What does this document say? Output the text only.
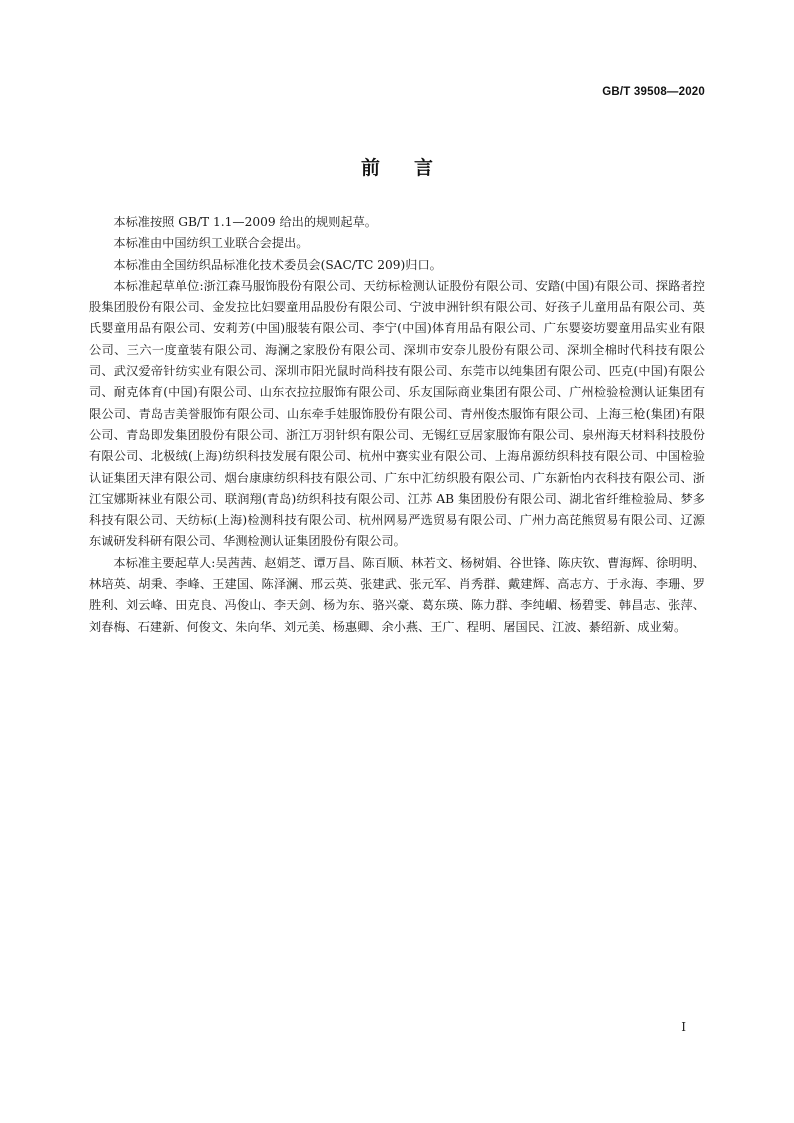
GB/T 39508—2020
前言

本标准按照 GB/T 1.1—2009 给出的规则起草。

本标准由中国纺织工业联合会提出。

本标准由全国纺织品标准化技术委员会(SAC/TC 209)归口。

本标准起草单位:浙江森马服饰股份有限公司、天纺标检测认证股份有限公司、安踏(中国)有限公司、探路者控股集团股份有限公司、金发拉比妇婴童用品股份有限公司、宁波申洲针织有限公司、好孩子儿童用品有限公司、英氏婴童用品有限公司、安莉芳(中国)服装有限公司、李宁(中国)体育用品有限公司、广东婴姿坊婴童用品实业有限公司、三六一度童装有限公司、海澜之家股份有限公司、深圳市安奈儿股份有限公司、深圳全棉时代科技有限公司、武汉爱帝针纺实业有限公司、深圳市阳光鼠时尚科技有限公司、东莞市以纯集团有限公司、匹克(中国)有限公司、耐克体育(中国)有限公司、山东衣拉拉服饰有限公司、乐友国际商业集团有限公司、广州检验检测认证集团有限公司、青岛吉美誉服饰有限公司、山东牵手娃服饰股份有限公司、青州俊杰服饰有限公司、上海三枪(集团)有限公司、青岛即发集团股份有限公司、浙江万羽针织有限公司、无锡红豆居家服饰有限公司、泉州海天材料科技股份有限公司、北极绒(上海)纺织科技发展有限公司、杭州中赛实业有限公司、上海帛源纺织科技有限公司、中国检验认证集团天津有限公司、烟台康康纺织科技有限公司、广东中汇纺织股有限公司、广东新怡内衣科技有限公司、浙江宝娜斯袜业有限公司、联润翔(青岛)纺织科技有限公司、江苏 AB 集团股份有限公司、湖北省纤维检验局、梦多科技有限公司、天纺标(上海)检测科技有限公司、杭州网易严选贸易有限公司、广州力高芘熊贸易有限公司、辽源东诚研发科研有限公司、华测检测认证集团股份有限公司。

本标准主要起草人:吴茜茜、赵娟芝、谭万昌、陈百顺、林若文、杨树娟、谷世锋、陈庆钦、曹海辉、徐明明、林培英、胡秉、李峰、王建国、陈泽澜、邢云英、张建武、张元军、肖秀群、戴建辉、高志方、于永海、李珊、罗胜利、刘云峰、田克良、冯俊山、李天剑、杨为东、骆兴豪、葛东瑛、陈力群、李纯嵋、杨碧雯、韩昌志、张萍、刘春梅、石建新、何俊文、朱向华、刘元美、杨惠卿、余小燕、王广、程明、屠国民、江波、綦绍新、成业菊。

I
